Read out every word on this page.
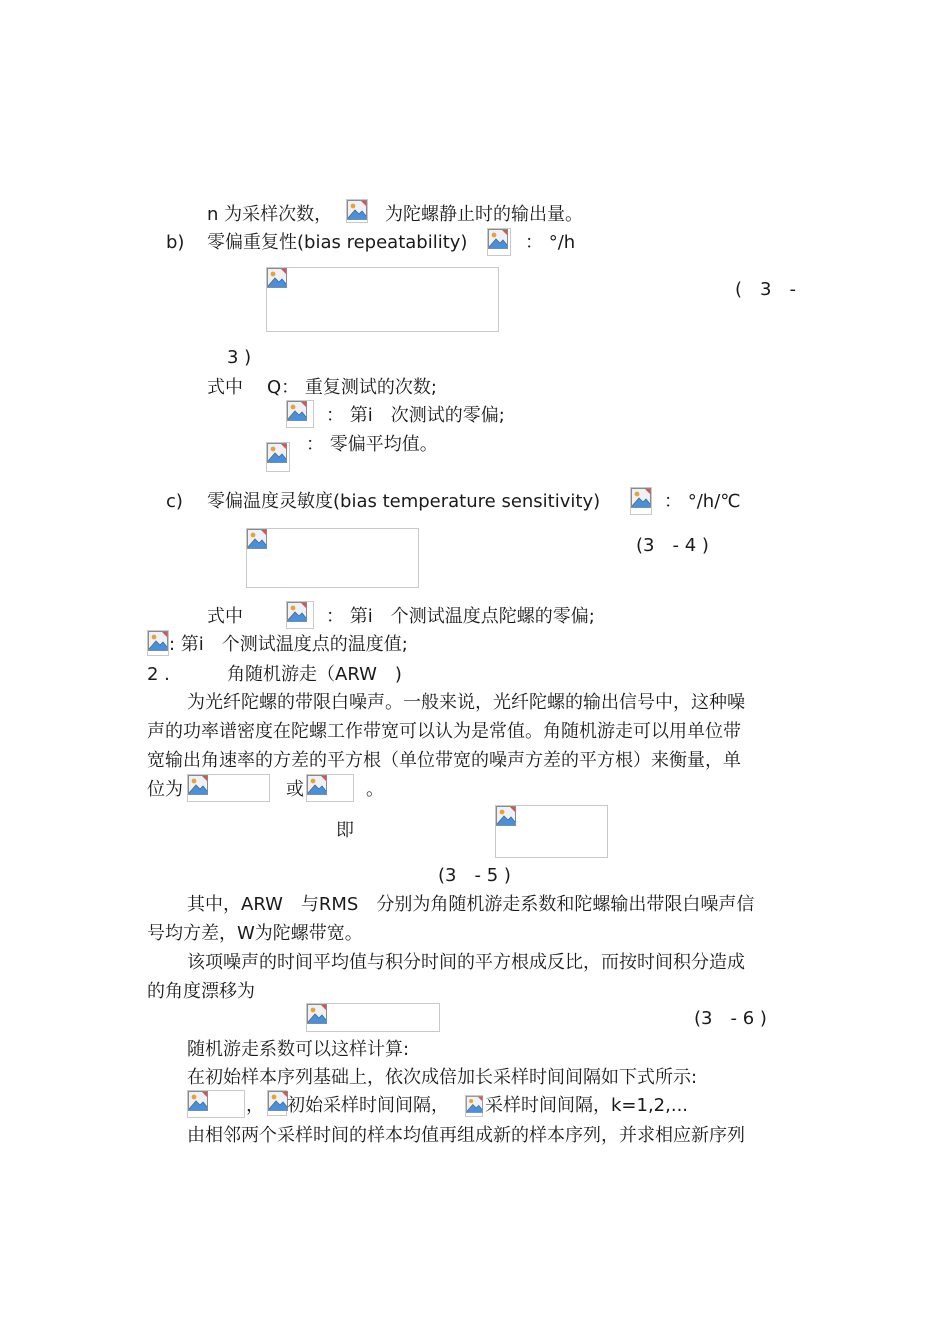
n 为采样次数，	为陀螺静止时的输出量。
b) 零偏重复性(bias repeatability)	： °/h
(　3　-
3 )
式中 Q： 重复测试的次数;
： 第i　次测试的零偏;
： 零偏平均值。
c) 零偏温度灵敏度(bias temperature sensitivity)	： °/h/℃
(3　- 4 )
式中	： 第i　个测试温度点陀螺的零偏;
: 第i　个测试温度点的温度值;
2 .	角随机游走（ARW　)
为光纤陀螺的带限白噪声。一般来说，光纤陀螺的输出信号中，这种噪
声的功率谱密度在陀螺工作带宽可以认为是常值。角随机游走可以用单位带
宽输出角速率的方差的平方根（单位带宽的噪声方差的平方根）来衡量，单
位为	或	。
即
(3　- 5 )
其中，ARW　与RMS　分别为角随机游走系数和陀螺输出带限白噪声信
号均方差，W为陀螺带宽。
该项噪声的时间平均值与积分时间的平方根成反比，而按时间积分造成
的角度漂移为
(3　- 6 )
随机游走系数可以这样计算:
在初始样本序列基础上，依次成倍加长采样时间间隔如下式所示:
， 初始采样时间间隔， 采样时间间隔，k=1,2,...
由相邻两个采样时间的样本均值再组成新的样本序列，并求相应新序列
